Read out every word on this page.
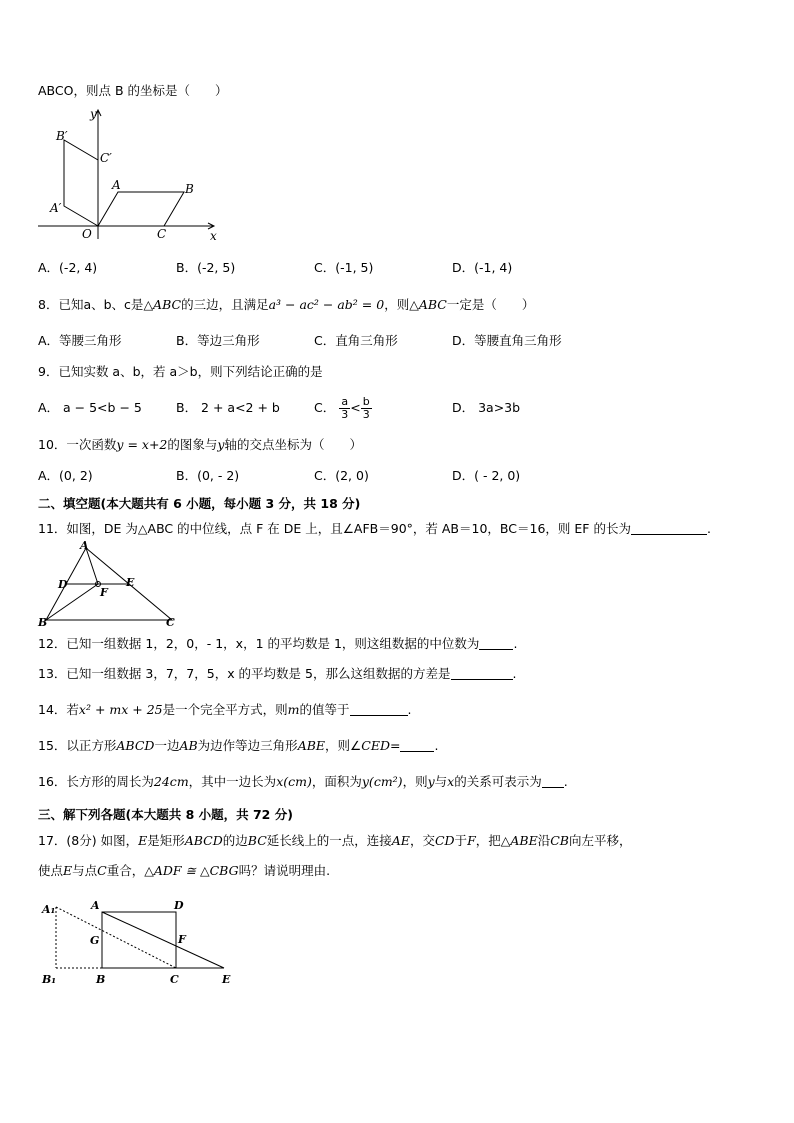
ABCO，则点 B 的坐标是（　　）
y
x
O
A	B
C
A′
B′
C′
A．(-2, 4)	B．(-2, 5)	C．(-1, 5)	D．(-1, 4)
8．已知a、b、c是△ABC的三边，且满足a³ − ac² − ab² = 0，则△ABC一定是（　　）
A．等腰三角形	B．等边三角形	C．直角三角形	D．等腰直角三角形
9．已知实数 a、b，若 a＞b，则下列结论正确的是
A． a − 5<b − 5	B． 2 + a<2 + b	C． $\frac{a}{3} < \frac{b}{3}$	D． 3a>3b
10．一次函数y = x+2的图象与y轴的交点坐标为（　　）
A．(0, 2)	B．(0, - 2)	C．(2, 0)	D．( - 2, 0)
二、填空题(本大题共有 6 小题，每小题 3 分，共 18 分)
11．如图，DE 为△ABC 的中位线，点 F 在 DE 上，且∠AFB＝90°，若 AB＝10，BC＝16，则 EF 的长为	.
A
D	E
F
B	C
12．已知一组数据 1，2，0，- 1，x，1 的平均数是 1，则这组数据的中位数为	.
13．已知一组数据 3，7，7，5，x 的平均数是 5，那么这组数据的方差是	.
14．若x² + mx + 25是一个完全平方式，则m的值等于	.
15．以正方形ABCD一边AB为边作等边三角形ABE，则∠CED=	.
16．长方形的周长为24cm，其中一边长为x(cm)，面积为y(cm²)，则y与x的关系可表示为 .
三、解下列各题(本大题共 8 小题，共 72 分)
17．(8分) 如图，E是矩形ABCD的边BC延长线上的一点，连接AE，交CD于F，把△ABE沿CB向左平移，
使点E与点C重合，△ADF ≅ △CBG吗？请说明理由.
A₁
B₁
A	D
G	F
B	C	E
